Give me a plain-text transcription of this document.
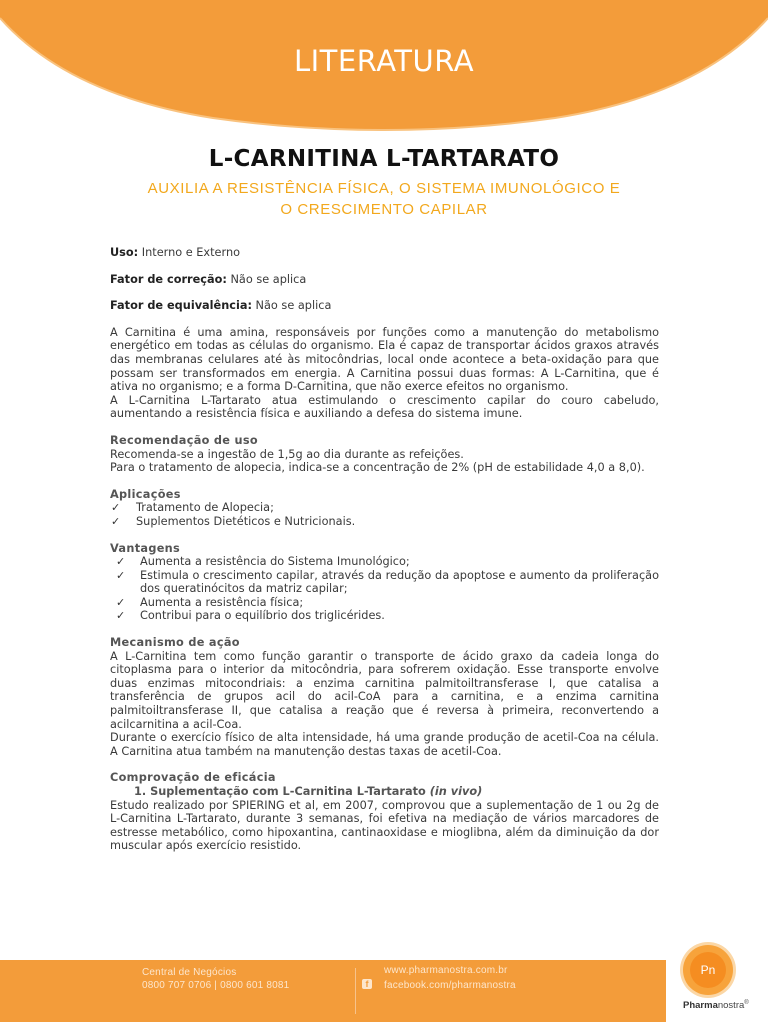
LITERATURA
L-CARNITINA L-TARTARATO
AUXILIA A RESISTÊNCIA FÍSICA, O SISTEMA IMUNOLÓGICO E
O CRESCIMENTO CAPILAR

Uso: Interno e Externo

Fator de correção: Não se aplica

Fator de equivalência: Não se aplica

A Carnitina é uma amina, responsáveis por funções como a manutenção do metabolismo energético em todas as células do organismo. Ela é capaz de transportar ácidos graxos através das membranas celulares até às mitocôndrias, local onde acontece a beta-oxidação para que possam ser transformados em energia. A Carnitina possui duas formas: A L-Carnitina, que é ativa no organismo; e a forma D-Carnitina, que não exerce efeitos no organismo.

A L-Carnitina L-Tartarato atua estimulando o crescimento capilar do couro cabeludo, aumentando a resistência física e auxiliando a defesa do sistema imune.

Recomendação de uso

Recomenda-se a ingestão de 1,5g ao dia durante as refeições.

Para o tratamento de alopecia, indica-se a concentração de 2% (pH de estabilidade 4,0 a 8,0).

Aplicações

✓ Tratamento de Alopecia;
✓ Suplementos Dietéticos e Nutricionais.

Vantagens

✓ Aumenta a resistência do Sistema Imunológico;
✓ Estimula o crescimento capilar, através da redução da apoptose e aumento da proliferação dos queratinócitos da matriz capilar;
✓ Aumenta a resistência física;
✓ Contribui para o equilíbrio dos triglicérides.

Mecanismo de ação

A L-Carnitina tem como função garantir o transporte de ácido graxo da cadeia longa do citoplasma para o interior da mitocôndria, para sofrerem oxidação. Esse transporte envolve duas enzimas mitocondriais: a enzima carnitina palmitoiltransferase I, que catalisa a transferência de grupos acil do acil-CoA para a carnitina, e a enzima carnitina palmitoiltransferase II, que catalisa a reação que é reversa à primeira, reconvertendo a acilcarnitina a acil-Coa.

Durante o exercício físico de alta intensidade, há uma grande produção de acetil-Coa na célula. A Carnitina atua também na manutenção destas taxas de acetil-Coa.

Comprovação de eficácia

1. Suplementação com L-Carnitina L-Tartarato (in vivo)

Estudo realizado por SPIERING et al, em 2007, comprovou que a suplementação de 1 ou 2g de L-Carnitina L-Tartarato, durante 3 semanas, foi efetiva na mediação de vários marcadores de estresse metabólico, como hipoxantina, cantinaoxidase e mioglibna, além da diminuição da dor muscular após exercício resistido.

Central de Negócios
0800 707 0706 | 0800 601 8081
www.pharmanostra.com.br
f	facebook.com/pharmanostra
Pn
Pharmanostra®
